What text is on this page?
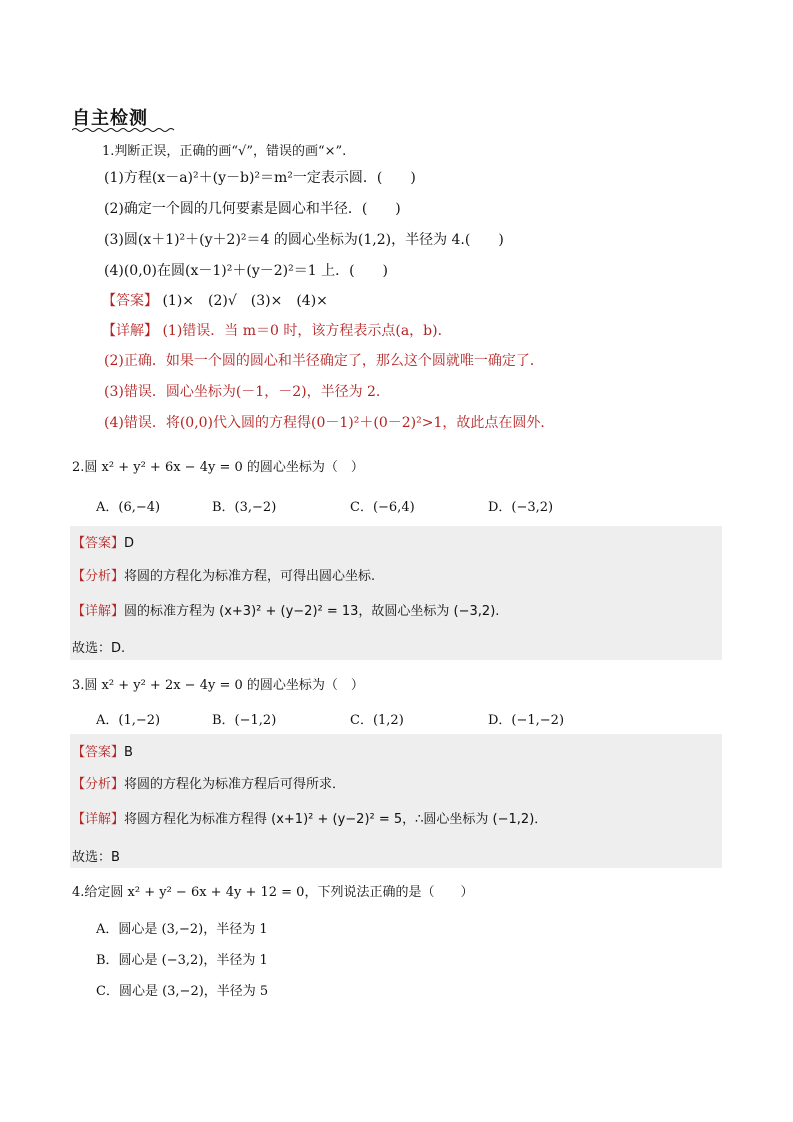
自主检测
1.判断正误，正确的画“√”，错误的画“×”.
(1)方程(x－a)²＋(y－b)²＝m²一定表示圆．(　　)
(2)确定一个圆的几何要素是圆心和半径．(　　)
(3)圆(x＋1)²＋(y＋2)²＝4 的圆心坐标为(1,2)，半径为 4.(　　)
(4)(0,0)在圆(x－1)²＋(y－2)²＝1 上．(　　)
【答案】 (1)×　(2)√　(3)×　(4)×
【详解】 (1)错误．当 m＝0 时，该方程表示点(a，b)．
(2)正确．如果一个圆的圆心和半径确定了，那么这个圆就唯一确定了．
(3)错误．圆心坐标为(－1，－2)，半径为 2.
(4)错误．将(0,0)代入圆的方程得(0－1)²＋(0－2)²>1，故此点在圆外．
2.圆 x² + y² + 6x − 4y = 0 的圆心坐标为（　）
A．(6,−4)	B．(3,−2)	C．(−6,4)	D．(−3,2)
【答案】D
【分析】将圆的方程化为标准方程，可得出圆心坐标.
【详解】圆的标准方程为 (x+3)² + (y−2)² = 13，故圆心坐标为 (−3,2).
故选：D.
3.圆 x² + y² + 2x − 4y = 0 的圆心坐标为（　）
A．(1,−2)	B．(−1,2)	C．(1,2)	D．(−1,−2)
【答案】B
【分析】将圆的方程化为标准方程后可得所求．
【详解】将圆方程化为标准方程得 (x+1)² + (y−2)² = 5，∴圆心坐标为 (−1,2)．
故选：B
4.给定圆 x² + y² − 6x + 4y + 12 = 0，下列说法正确的是（　　）
A．圆心是 (3,−2)，半径为 1
B．圆心是 (−3,2)，半径为 1
C．圆心是 (3,−2)，半径为 5
